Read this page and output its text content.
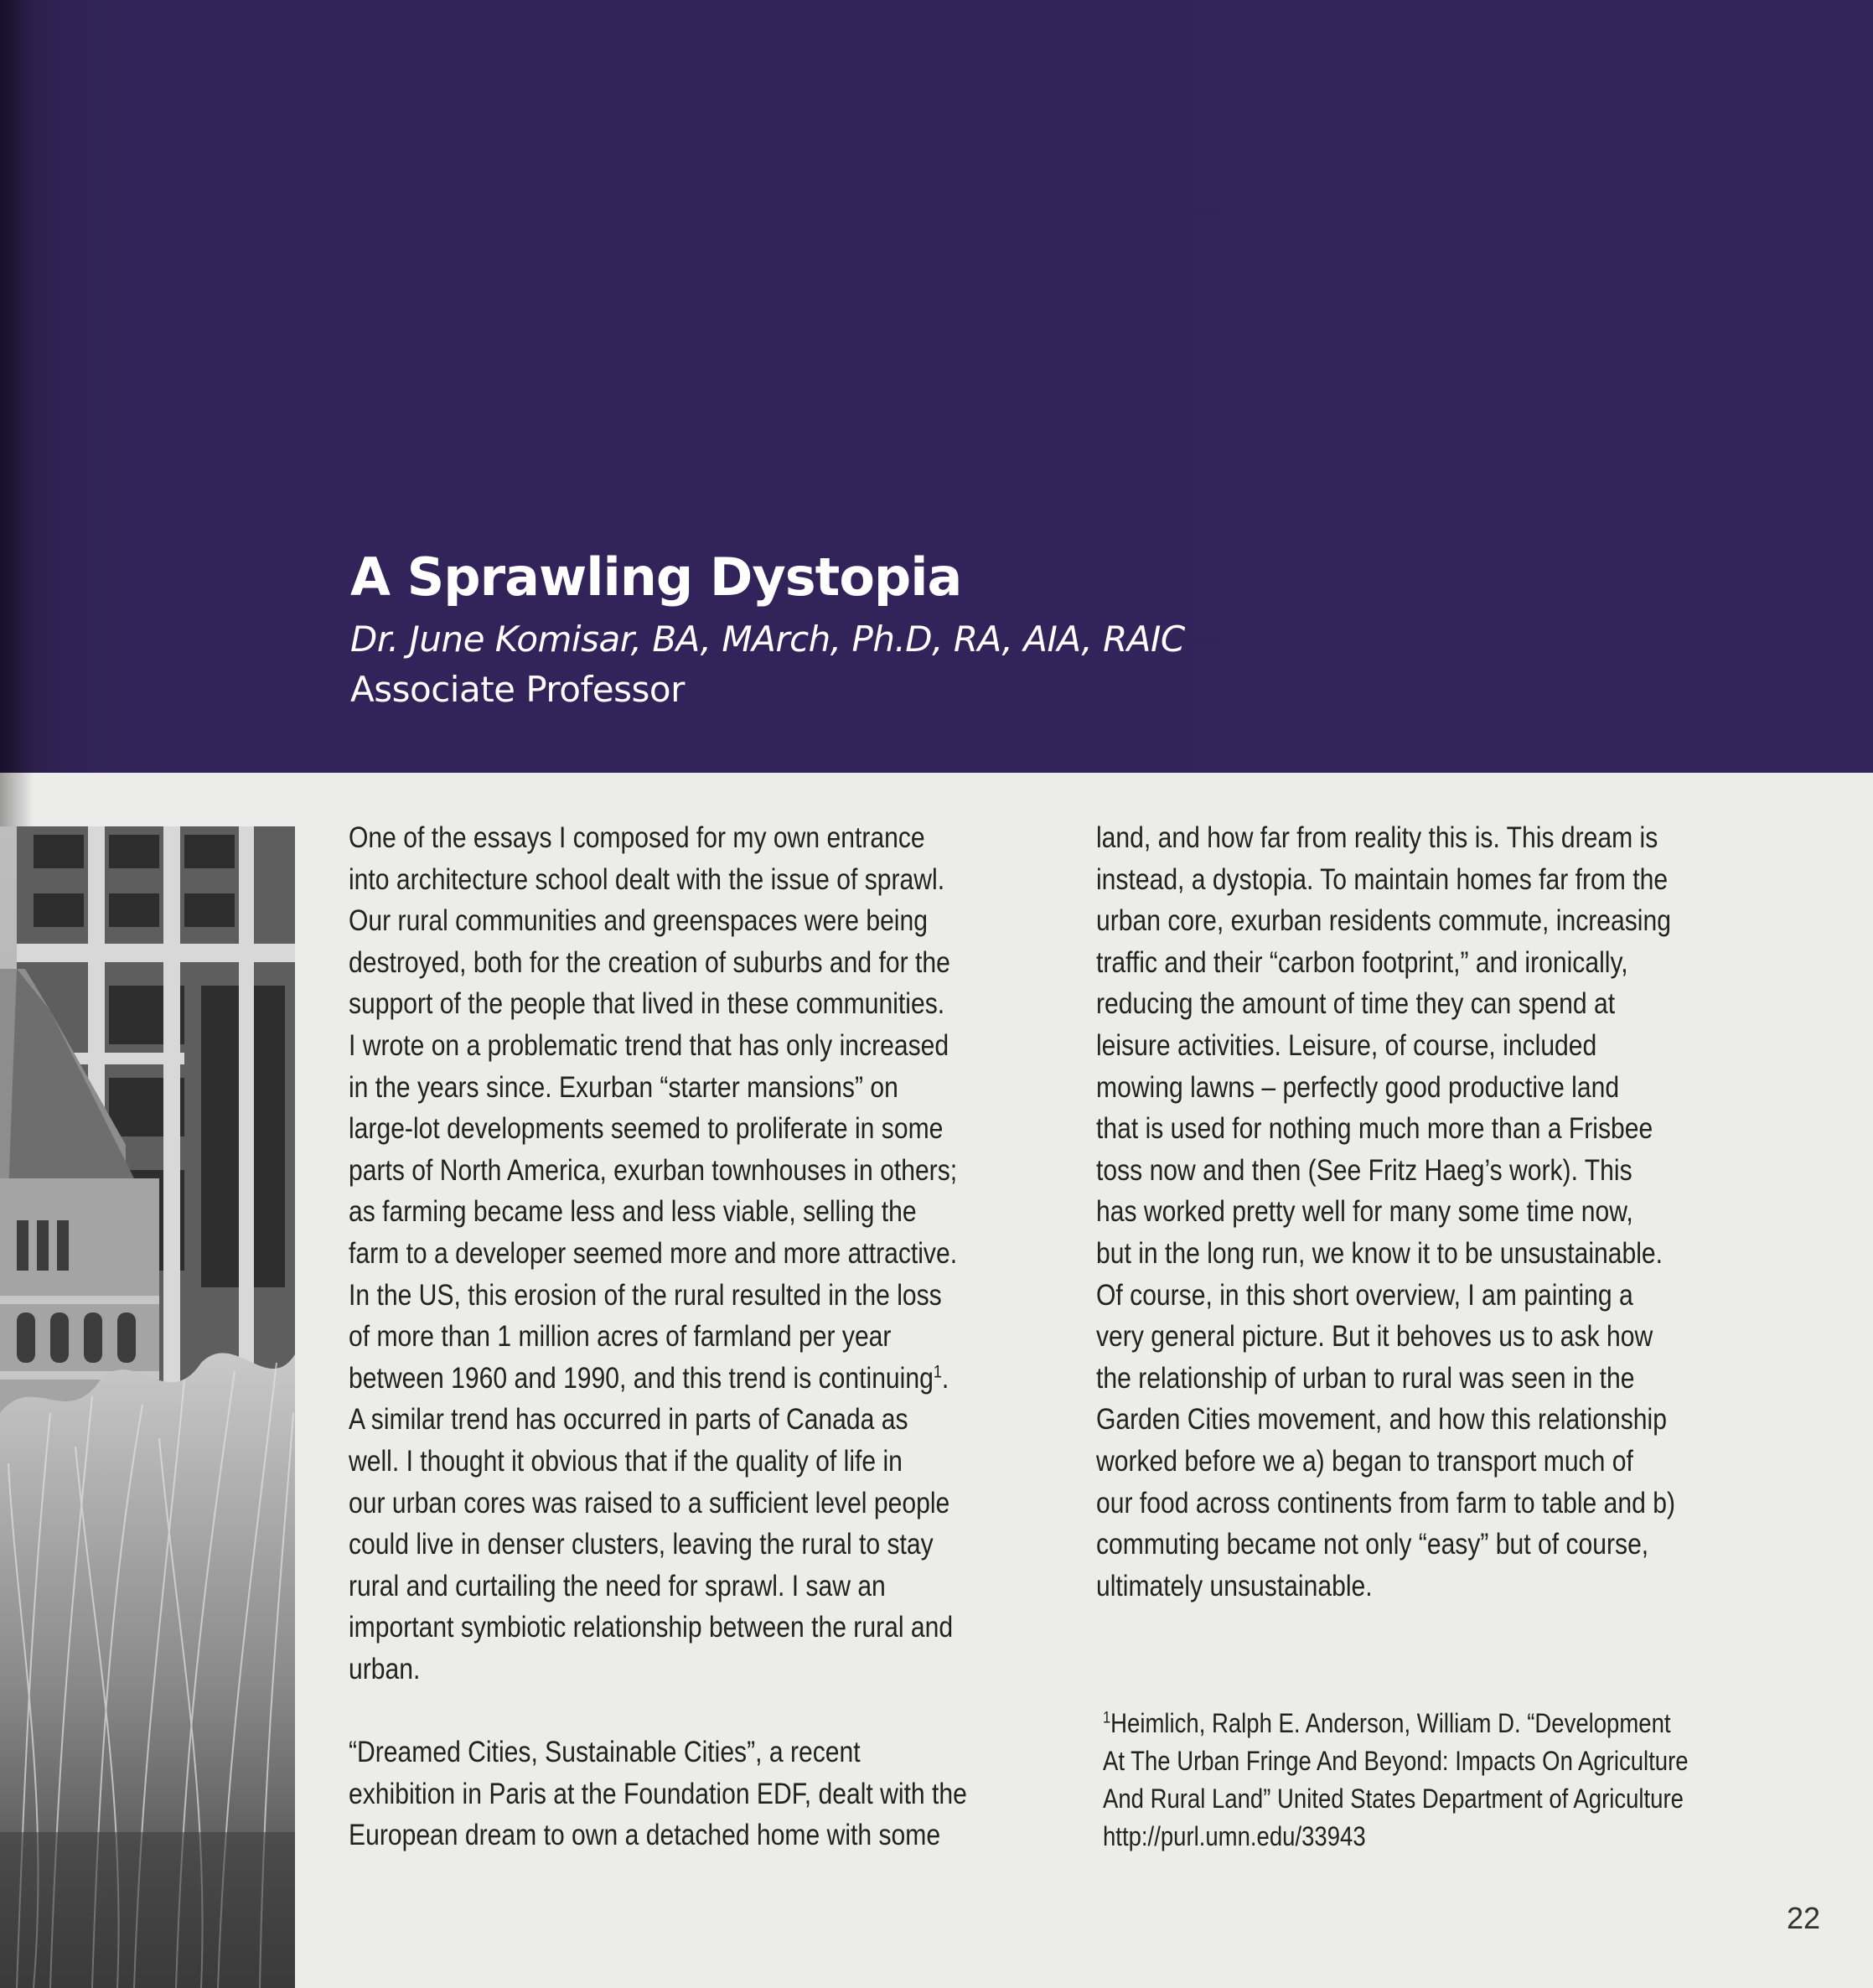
A Sprawling Dystopia
Dr. June Komisar, BA, MArch, Ph.D, RA, AIA, RAIC
Associate Professor

One of the essays I composed for my own entrance
into architecture school dealt with the issue of sprawl.
Our rural communities and greenspaces were being
destroyed, both for the creation of suburbs and for the
support of the people that lived in these communities.
I wrote on a problematic trend that has only increased
in the years since. Exurban “starter mansions” on
large-lot developments seemed to proliferate in some
parts of North America, exurban townhouses in others;
as farming became less and less viable, selling the
farm to a developer seemed more and more attractive.
In the US, this erosion of the rural resulted in the loss
of more than 1 million acres of farmland per year
between 1960 and 1990, and this trend is continuing$^1$.
A similar trend has occurred in parts of Canada as
well. I thought it obvious that if the quality of life in
our urban cores was raised to a sufficient level people
could live in denser clusters, leaving the rural to stay
rural and curtailing the need for sprawl. I saw an
important symbiotic relationship between the rural and
urban.

“Dreamed Cities, Sustainable Cities”, a recent
exhibition in Paris at the Foundation EDF, dealt with the
European dream to own a detached home with some

land, and how far from reality this is. This dream is
instead, a dystopia. To maintain homes far from the
urban core, exurban residents commute, increasing
traffic and their “carbon footprint,” and ironically,
reducing the amount of time they can spend at
leisure activities. Leisure, of course, included
mowing lawns – perfectly good productive land
that is used for nothing much more than a Frisbee
toss now and then (See Fritz Haeg’s work). This
has worked pretty well for many some time now,
but in the long run, we know it to be unsustainable.
Of course, in this short overview, I am painting a
very general picture. But it behoves us to ask how
the relationship of urban to rural was seen in the
Garden Cities movement, and how this relationship
worked before we a) began to transport much of
our food across continents from farm to table and b)
commuting became not only “easy” but of course,
ultimately unsustainable.

$^1$Heimlich, Ralph E. Anderson, William D. “Development
At The Urban Fringe And Beyond: Impacts On Agriculture
And Rural Land” United States Department of Agriculture
http://purl.umn.edu/33943
22
